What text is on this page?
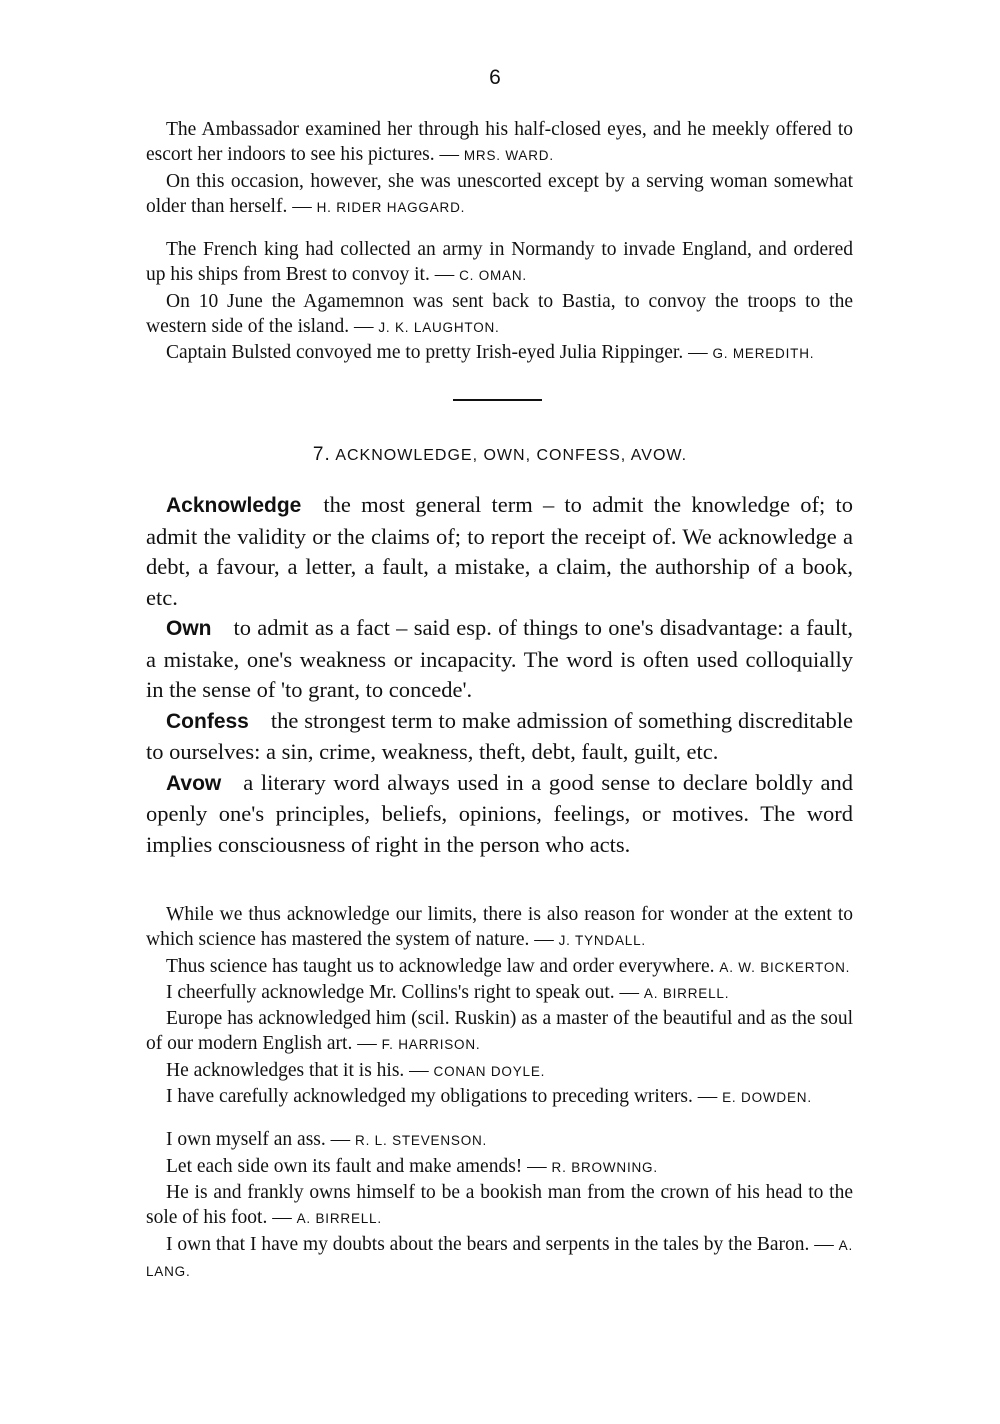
6

The Ambassador examined her through his half-closed eyes, and he meekly offered to escort her indoors to see his pictures. — MRS. WARD.

On this occasion, however, she was unescorted except by a serving woman somewhat older than herself. — H. RIDER HAGGARD.

The French king had collected an army in Normandy to invade England, and ordered up his ships from Brest to convoy it. — C. OMAN.

On 10 June the Agamemnon was sent back to Bastia, to convoy the troops to the western side of the island. — J. K. LAUGHTON.

Captain Bulsted convoyed me to pretty Irish-eyed Julia Rippinger. — G. MEREDITH.

7. ACKNOWLEDGE, OWN, CONFESS, AVOW.

Acknowledge the most general term – to admit the knowledge of; to admit the validity or the claims of; to report the receipt of. We acknowledge a debt, a favour, a letter, a fault, a mistake, a claim, the authorship of a book, etc.

Own to admit as a fact – said esp. of things to one's disadvantage: a fault, a mistake, one's weakness or incapacity. The word is often used colloquially in the sense of 'to grant, to concede'.

Confess the strongest term to make admission of something discreditable to ourselves: a sin, crime, weakness, theft, debt, fault, guilt, etc.

Avow a literary word always used in a good sense to declare boldly and openly one's principles, beliefs, opinions, feelings, or motives. The word implies consciousness of right in the person who acts.

While we thus acknowledge our limits, there is also reason for wonder at the extent to which science has mastered the system of nature. — J. TYNDALL.

Thus science has taught us to acknowledge law and order everywhere. A. W. BICKERTON.

I cheerfully acknowledge Mr. Collins's right to speak out. — A. BIRRELL.

Europe has acknowledged him (scil. Ruskin) as a master of the beautiful and as the soul of our modern English art. — F. HARRISON.

He acknowledges that it is his. — CONAN DOYLE.

I have carefully acknowledged my obligations to preceding writers. — E. DOWDEN.

I own myself an ass. — R. L. STEVENSON.

Let each side own its fault and make amends! — R. BROWNING.

He is and frankly owns himself to be a bookish man from the crown of his head to the sole of his foot. — A. BIRRELL.

I own that I have my doubts about the bears and serpents in the tales by the Baron. — A. LANG.
